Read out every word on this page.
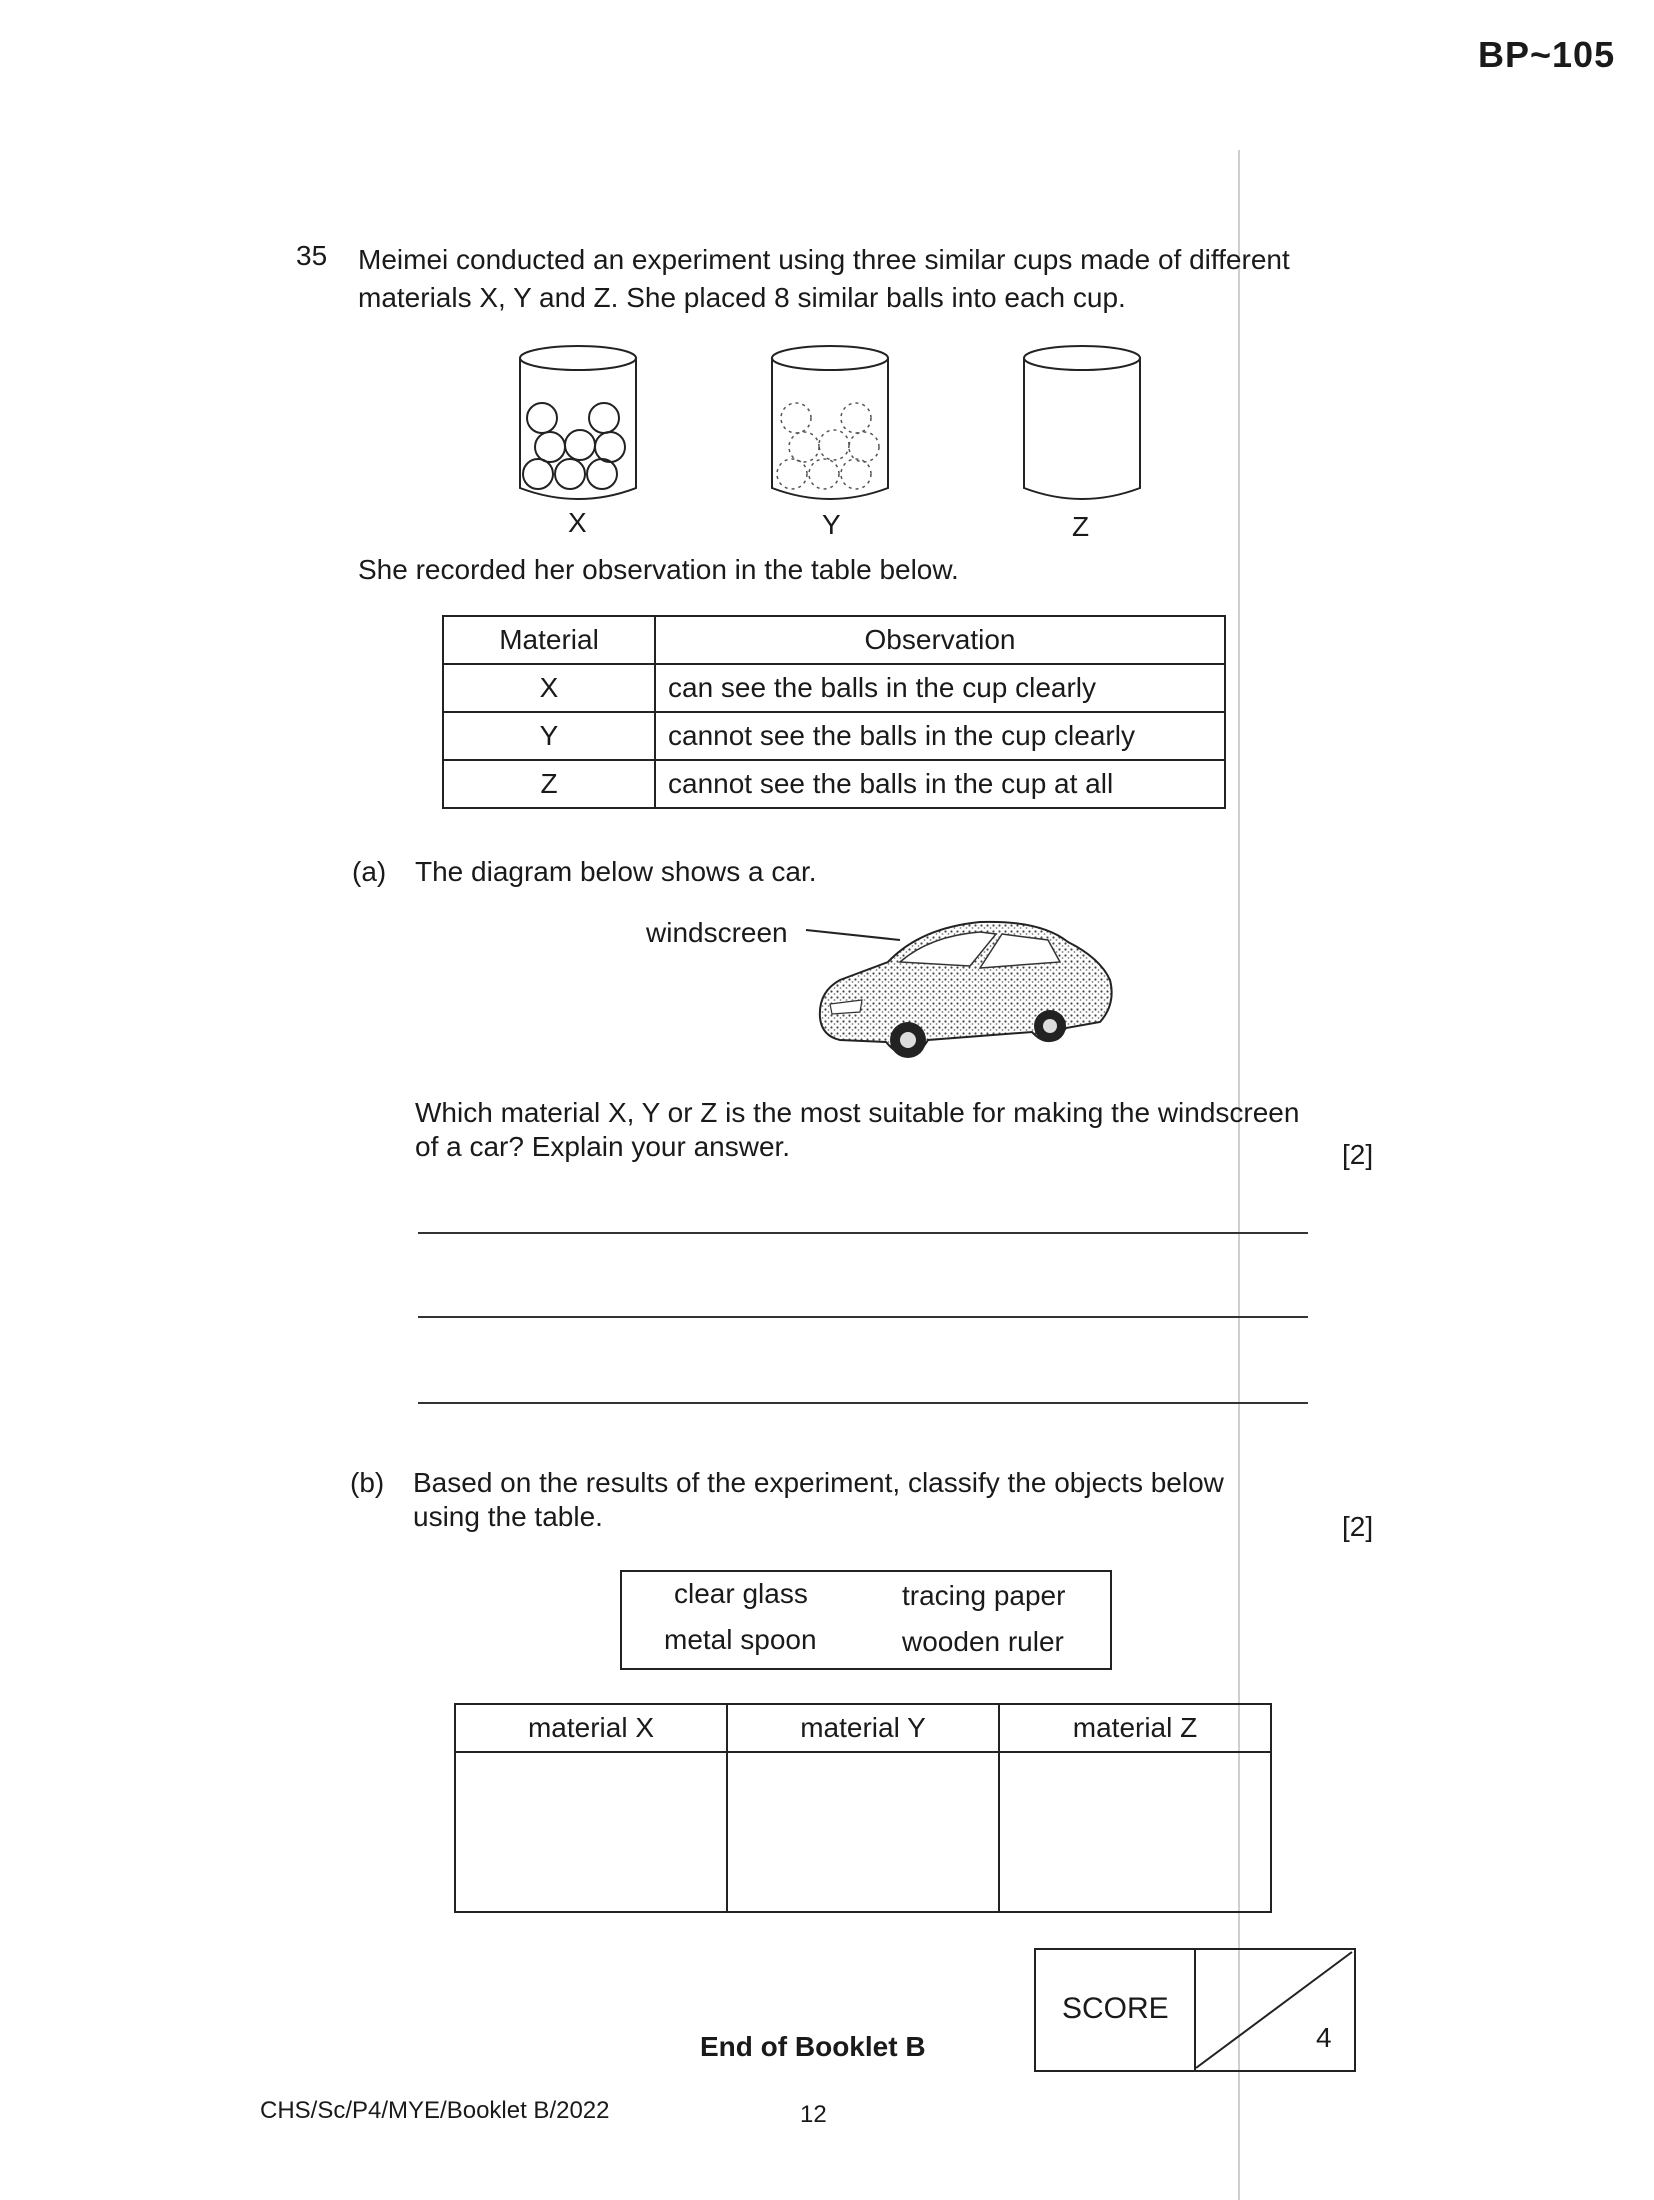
BP~105
35 Meimei conducted an experiment using three similar cups made of different
materials X, Y and Z. She placed 8 similar balls into each cup.
X	Y	Z
She recorded her observation in the table below.
Material	Observation
X	can see the balls in the cup clearly
Y	cannot see the balls in the cup clearly
Z	cannot see the balls in the cup at all
(a) The diagram below shows a car.
windscreen
Which material X, Y or Z is the most suitable for making the windscreen
of a car? Explain your answer.	[2]
(b) Based on the results of the experiment, classify the objects below
using the table.	[2]
clear glass	tracing paper
metal spoon	wooden ruler
material X	material Y	material Z

SCORE
4
End of Booklet B
CHS/Sc/P4/MYE/Booklet B/2022	12
